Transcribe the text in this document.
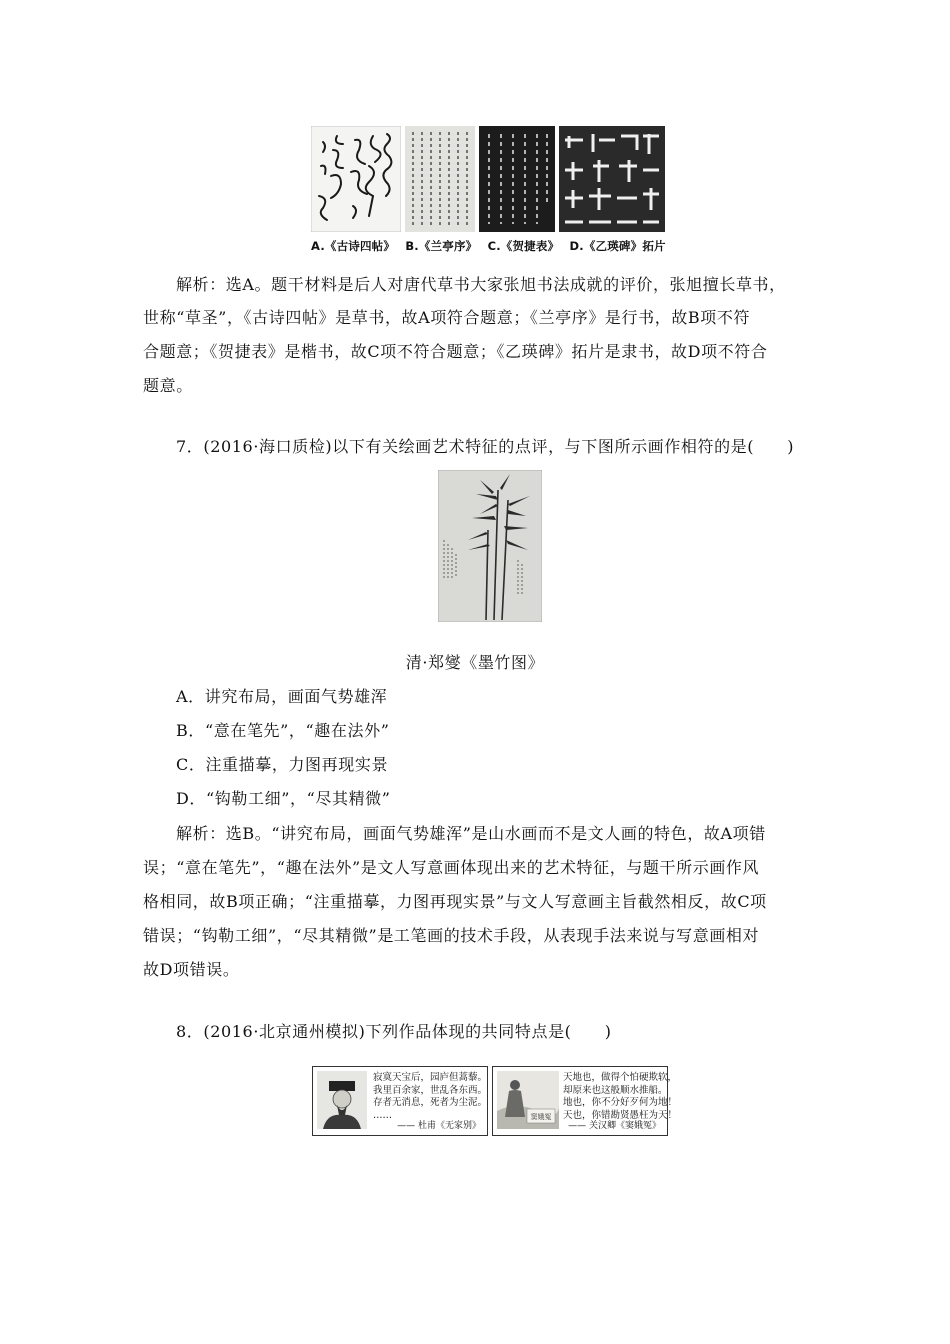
A.《古诗四帖》 B.《兰亭序》 C.《贺捷表》 D.《乙瑛碑》拓片
解析：选A。题干材料是后人对唐代草书大家张旭书法成就的评价，张旭擅长草书，
世称“草圣”，《古诗四帖》是草书，故A项符合题意；《兰亭序》是行书，故B项不符
合题意；《贺捷表》是楷书，故C项不符合题意；《乙瑛碑》拓片是隶书，故D项不符合
题意。
7．(2016·海口质检)以下有关绘画艺术特征的点评，与下图所示画作相符的是(　　)
清·郑燮《墨竹图》
A．讲究布局，画面气势雄浑
B．“意在笔先”，“趣在法外”
C．注重描摹，力图再现实景
D．“钩勒工细”，“尽其精微”
解析：选B。“讲究布局，画面气势雄浑”是山水画而不是文人画的特色，故A项错
误；“意在笔先”，“趣在法外”是文人写意画体现出来的艺术特征，与题干所示画作风
格相同，故B项正确；“注重描摹，力图再现实景”与文人写意画主旨截然相反，故C项
错误；“钩勒工细”，“尽其精微”是工笔画的技术手段，从表现手法来说与写意画相对
故D项错误。
8．(2016·北京通州模拟)下列作品体现的共同特点是(　　)
寂寞天宝后，园庐但蒿藜。
我里百余家，世乱各东西。
存者无消息，死者为尘泥。
……
—— 杜甫《无家别》
窦娥冤
天地也，做得个怕硬欺软，
却原来也这般顺水推船。
地也，你不分好歹何为地！
天也，你错勘贤愚枉为天！
—— 关汉卿《窦娥冤》
